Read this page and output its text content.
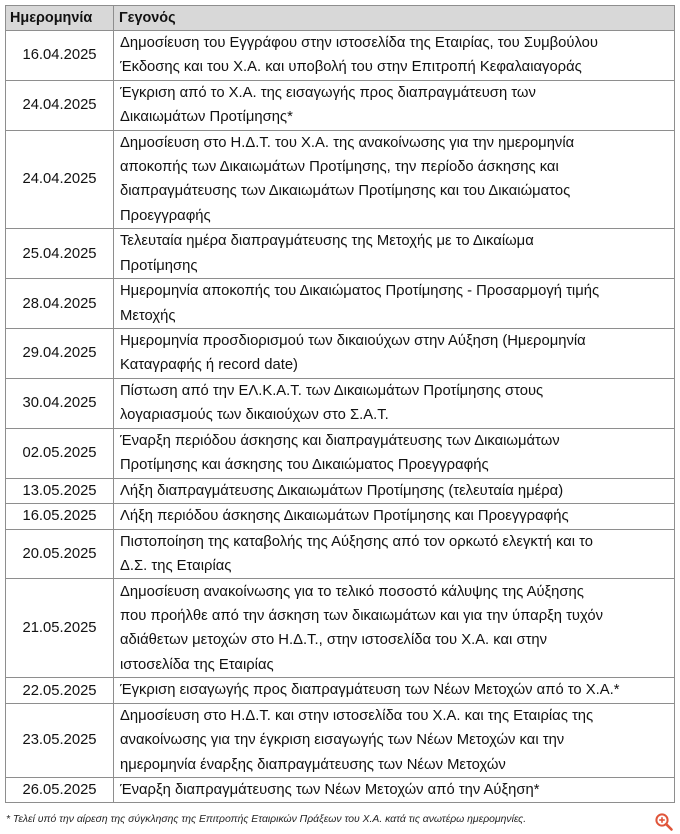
Ημερομηνία	Γεγονός
16.04.2025	Δημοσίευση του Εγγράφου στην ιστοσελίδα της Εταιρίας, του Συμβούλου
Έκδοσης και του Χ.Α. και υποβολή του στην Επιτροπή Κεφαλαιαγοράς

24.04.2025	Έγκριση από το Χ.Α. της εισαγωγής προς διαπραγμάτευση των
Δικαιωμάτων Προτίμησης*

24.04.2025	Δημοσίευση στο Η.Δ.Τ. του Χ.Α. της ανακοίνωσης για την ημερομηνία
αποκοπής των Δικαιωμάτων Προτίμησης, την περίοδο άσκησης και
διαπραγμάτευσης των Δικαιωμάτων Προτίμησης και του Δικαιώματος
Προεγγραφής

25.04.2025	Τελευταία ημέρα διαπραγμάτευσης της Μετοχής με το Δικαίωμα
Προτίμησης

28.04.2025	Ημερομηνία αποκοπής του Δικαιώματος Προτίμησης - Προσαρμογή τιμής
Μετοχής

29.04.2025	Ημερομηνία προσδιορισμού των δικαιούχων στην Αύξηση (Ημερομηνία
Καταγραφής ή record date)

30.04.2025	Πίστωση από την ΕΛ.Κ.Α.Τ. των Δικαιωμάτων Προτίμησης στους
λογαριασμούς των δικαιούχων στο Σ.Α.Τ.

02.05.2025	Έναρξη περιόδου άσκησης και διαπραγμάτευσης των Δικαιωμάτων
Προτίμησης και άσκησης του Δικαιώματος Προεγγραφής

13.05.2025	Λήξη διαπραγμάτευσης Δικαιωμάτων Προτίμησης (τελευταία ημέρα)

16.05.2025	Λήξη περιόδου άσκησης Δικαιωμάτων Προτίμησης και Προεγγραφής

20.05.2025	Πιστοποίηση της καταβολής της Αύξησης από τον ορκωτό ελεγκτή και το
Δ.Σ. της Εταιρίας

21.05.2025	Δημοσίευση ανακοίνωσης για το τελικό ποσοστό κάλυψης της Αύξησης
που προήλθε από την άσκηση των δικαιωμάτων και για την ύπαρξη τυχόν
αδιάθετων μετοχών στο Η.Δ.Τ., στην ιστοσελίδα του Χ.Α. και στην
ιστοσελίδα της Εταιρίας

22.05.2025	Έγκριση εισαγωγής προς διαπραγμάτευση των Νέων Μετοχών από το Χ.Α.*

23.05.2025	Δημοσίευση στο Η.Δ.Τ. και στην ιστοσελίδα του Χ.Α. και της Εταιρίας της
ανακοίνωσης για την έγκριση εισαγωγής των Νέων Μετοχών και την
ημερομηνία έναρξης διαπραγμάτευσης των Νέων Μετοχών

26.05.2025	Έναρξη διαπραγμάτευσης των Νέων Μετοχών από την Αύξηση*
* Τελεί υπό την αίρεση της σύγκλησης της Επιτροπής Εταιρικών Πράξεων του Χ.Α. κατά τις ανωτέρω ημερομηνίες.
